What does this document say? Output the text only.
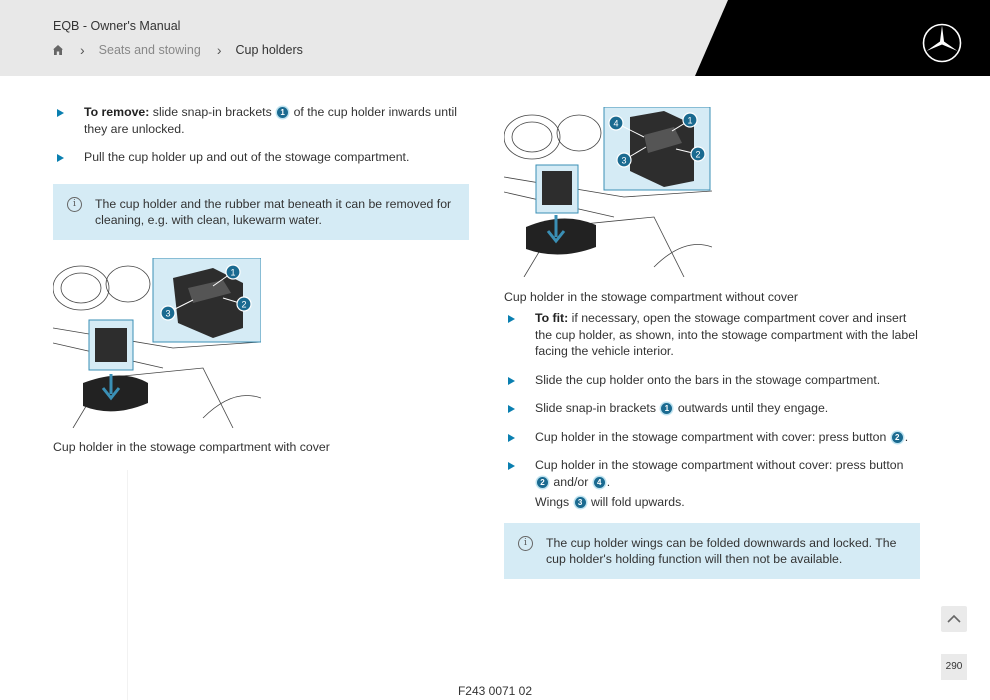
EQB - Owner's Manual
› Seats and stowing › Cup holders
To remove: slide snap-in brackets 1 of the cup holder inwards until they are unlocked.
Pull the cup holder up and out of the stowage compartment.
i	The cup holder and the rubber mat beneath it can be removed for cleaning, e.g. with clean, lukewarm water.
1
2
3
Cup holder in the stowage compartment with cover
4	1
3
2
Cup holder in the stowage compartment without cover
To fit: if necessary, open the stowage compartment cover and insert the cup holder, as shown, into the stowage compartment with the label facing the vehicle interior.
Slide the cup holder onto the bars in the stowage compartment.
Slide snap-in brackets 1 outwards until they engage.
Cup holder in the stowage compartment with cover: press button 2 .
Cup holder in the stowage compartment without cover: press button 2 and/or 4 .
Wings 3 will fold upwards.
i	The cup holder wings can be folded downwards and locked. The cup holder's holding function will then not be available.
290
F243 0071 02
